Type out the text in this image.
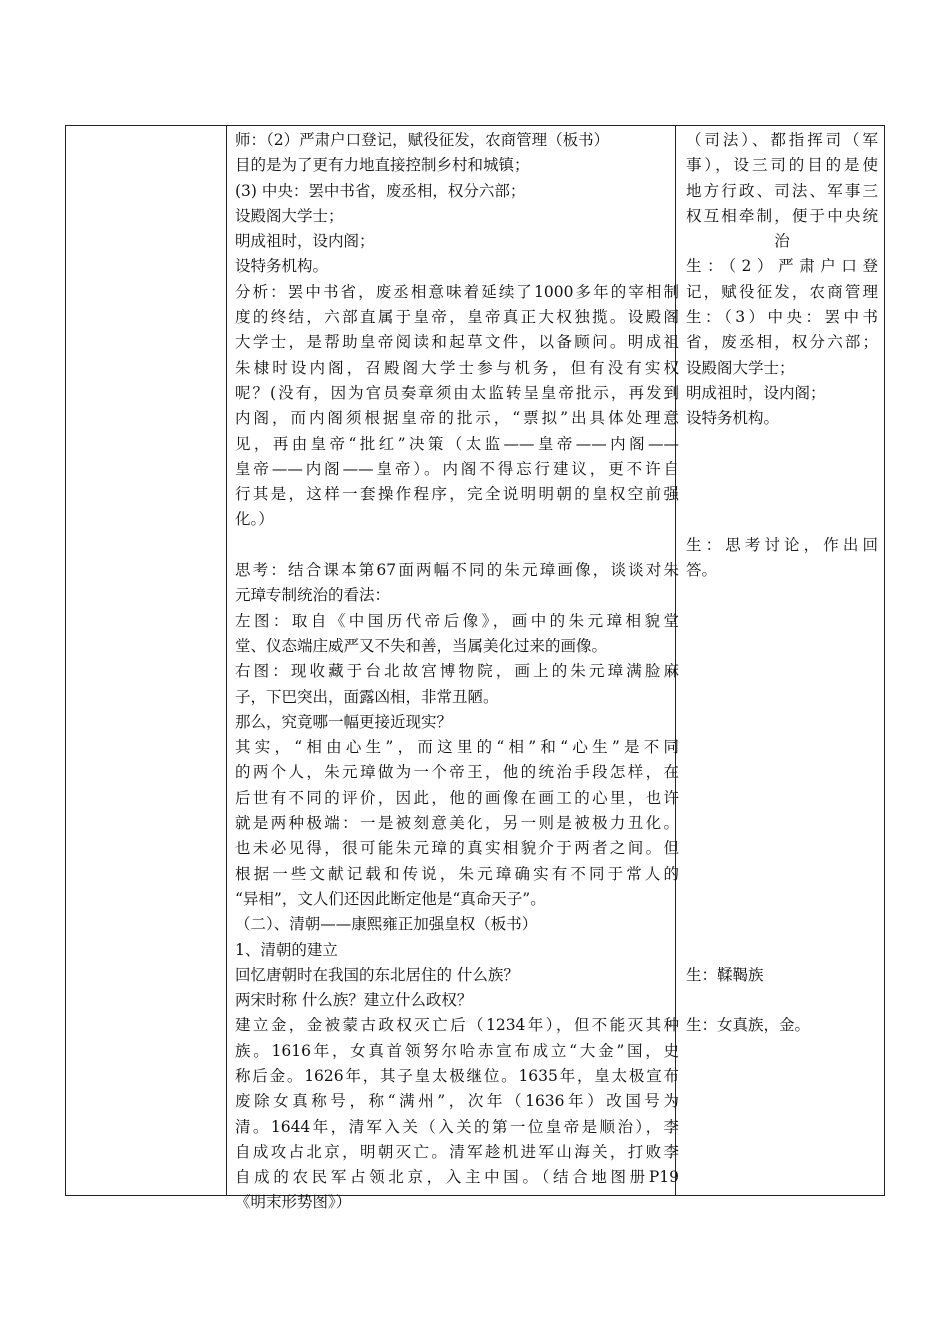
师：（2）严肃户口登记，赋役征发，农商管理（板书）
目的是为了更有力地直接控制乡村和城镇；
(3) 中央：罢中书省，废丞相，权分六部；
设殿阁大学士；
明成祖时，设内阁；
设特务机构。
分析：罢中书省，废丞相意味着延续了1000多年的宰相制
度的终结，六部直属于皇帝，皇帝真正大权独揽。设殿阁
大学士，是帮助皇帝阅读和起草文件，以备顾问。明成祖
朱棣时设内阁，召殿阁大学士参与机务，但有没有实权
呢？(没有，因为官员奏章须由太监转呈皇帝批示，再发到
内阁，而内阁须根据皇帝的批示，“票拟”出具体处理意
见，再由皇帝“批红”决策（太监——皇帝——内阁——
皇帝——内阁——皇帝）。内阁不得忘行建议，更不许自
行其是，这样一套操作程序，完全说明明朝的皇权空前强
化。）
思考：结合课本第67面两幅不同的朱元璋画像，谈谈对朱
元璋专制统治的看法：
左图：取自《中国历代帝后像》，画中的朱元璋相貌堂
堂、仪态端庄威严又不失和善，当属美化过来的画像。
右图：现收藏于台北故宫博物院，画上的朱元璋满脸麻
子，下巴突出，面露凶相，非常丑陋。
那么，究竟哪一幅更接近现实？
其实，“相由心生”，而这里的“相”和“心生”是不同
的两个人，朱元璋做为一个帝王，他的统治手段怎样，在
后世有不同的评价，因此，他的画像在画工的心里，也许
就是两种极端：一是被刻意美化，另一则是被极力丑化。
也未必见得，很可能朱元璋的真实相貌介于两者之间。但
根据一些文献记载和传说，朱元璋确实有不同于常人的
“异相”，文人们还因此断定他是“真命天子”。
（二）、清朝——康熙雍正加强皇权（板书）
1、清朝的建立
回忆唐朝时在我国的东北居住的 什么族？
两宋时称 什么族？建立什么政权？
建立金，金被蒙古政权灭亡后（1234年），但不能灭其种
族。1616年，女真首领努尔哈赤宣布成立“大金”国，史
称后金。1626年，其子皇太极继位。1635年，皇太极宣布
废除女真称号，称“满州”，次年（1636年）改国号为
清。1644年，清军入关（入关的第一位皇帝是顺治），李
自成攻占北京，明朝灭亡。清军趁机进军山海关，打败李
自成的农民军占领北京，入主中国。（结合地图册P19
《明末形势图》）
（司法）、都指挥司（军
事），设三司的目的是使
地方行政、司法、军事三
权互相牵制，便于中央统
治
生：（2）严肃户口登
记，赋役征发，农商管理
生：（3）中央：罢中书
省，废丞相，权分六部；
设殿阁大学士；
明成祖时，设内阁；
设特务机构。
生：思考讨论，作出回
答。
生：鞣鞨族
生：女真族，金。
